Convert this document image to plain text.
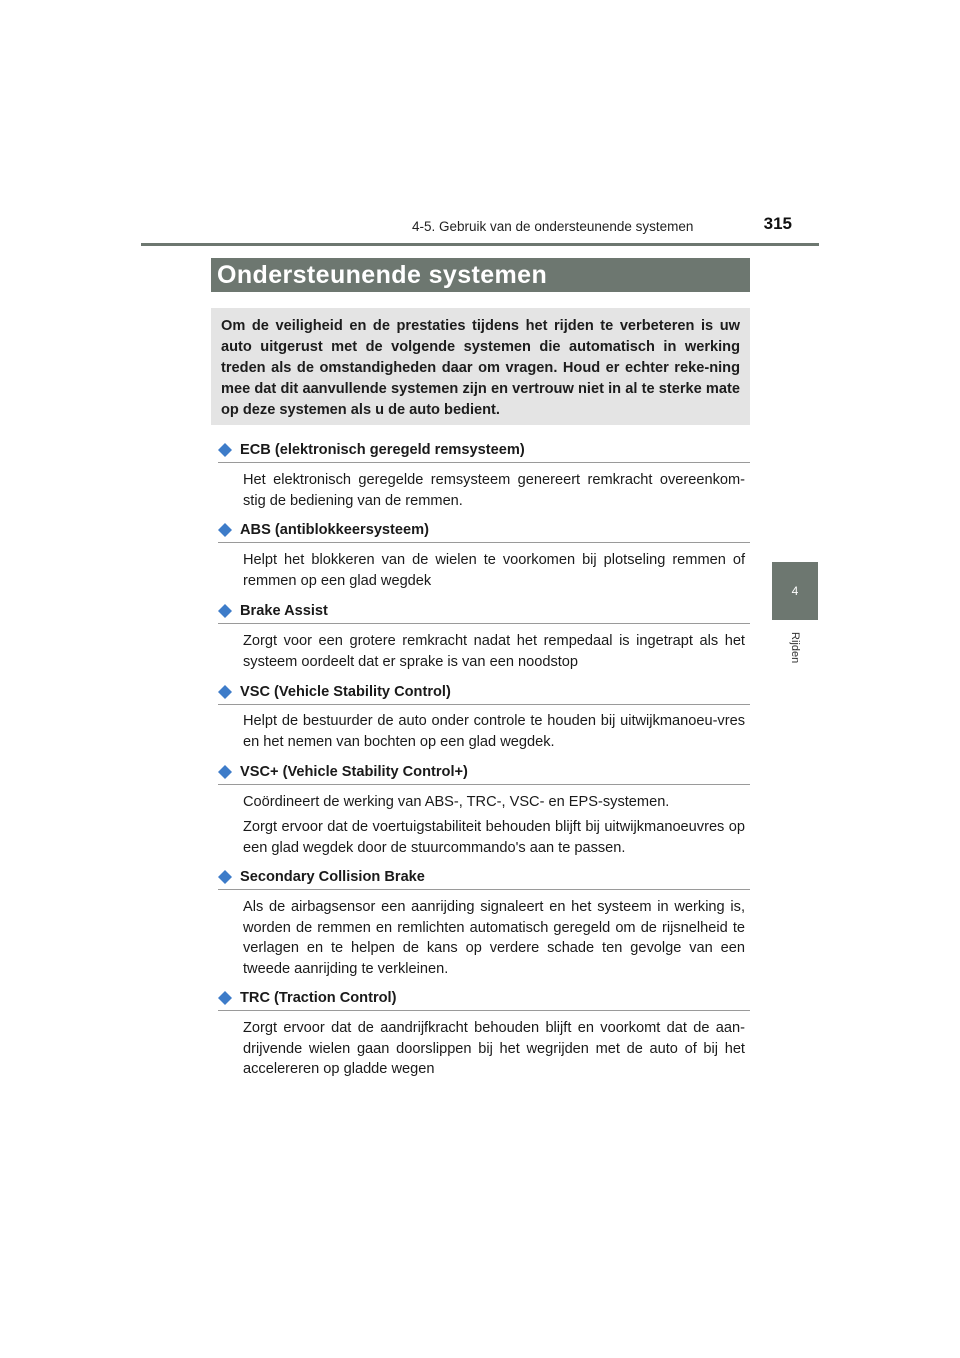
4-5. Gebruik van de ondersteunende systemen	315
4
Rijden
Ondersteunende systemen
Om de veiligheid en de prestaties tijdens het rijden te verbeteren is uw auto uitgerust met de volgende systemen die automatisch in werking treden als de omstandigheden daar om vragen. Houd er echter reke-ning mee dat dit aanvullende systemen zijn en vertrouw niet in al te sterke mate op deze systemen als u de auto bedient.
ECB (elektronisch geregeld remsysteem)
Het elektronisch geregelde remsysteem genereert remkracht overeenkom-stig de bediening van de remmen.
ABS (antiblokkeersysteem)
Helpt het blokkeren van de wielen te voorkomen bij plotseling remmen of remmen op een glad wegdek
Brake Assist
Zorgt voor een grotere remkracht nadat het rempedaal is ingetrapt als het systeem oordeelt dat er sprake is van een noodstop
VSC (Vehicle Stability Control)
Helpt de bestuurder de auto onder controle te houden bij uitwijkmanoeu-vres en het nemen van bochten op een glad wegdek.
VSC+ (Vehicle Stability Control+)
Coördineert de werking van ABS-, TRC-, VSC- en EPS-systemen.
Zorgt ervoor dat de voertuigstabiliteit behouden blijft bij uitwijkmanoeuvres op een glad wegdek door de stuurcommando's aan te passen.
Secondary Collision Brake
Als de airbagsensor een aanrijding signaleert en het systeem in werking is, worden de remmen en remlichten automatisch geregeld om de rijsnelheid te verlagen en te helpen de kans op verdere schade ten gevolge van een tweede aanrijding te verkleinen.
TRC (Traction Control)
Zorgt ervoor dat de aandrijfkracht behouden blijft en voorkomt dat de aan-drijvende wielen gaan doorslippen bij het wegrijden met de auto of bij het accelereren op gladde wegen
